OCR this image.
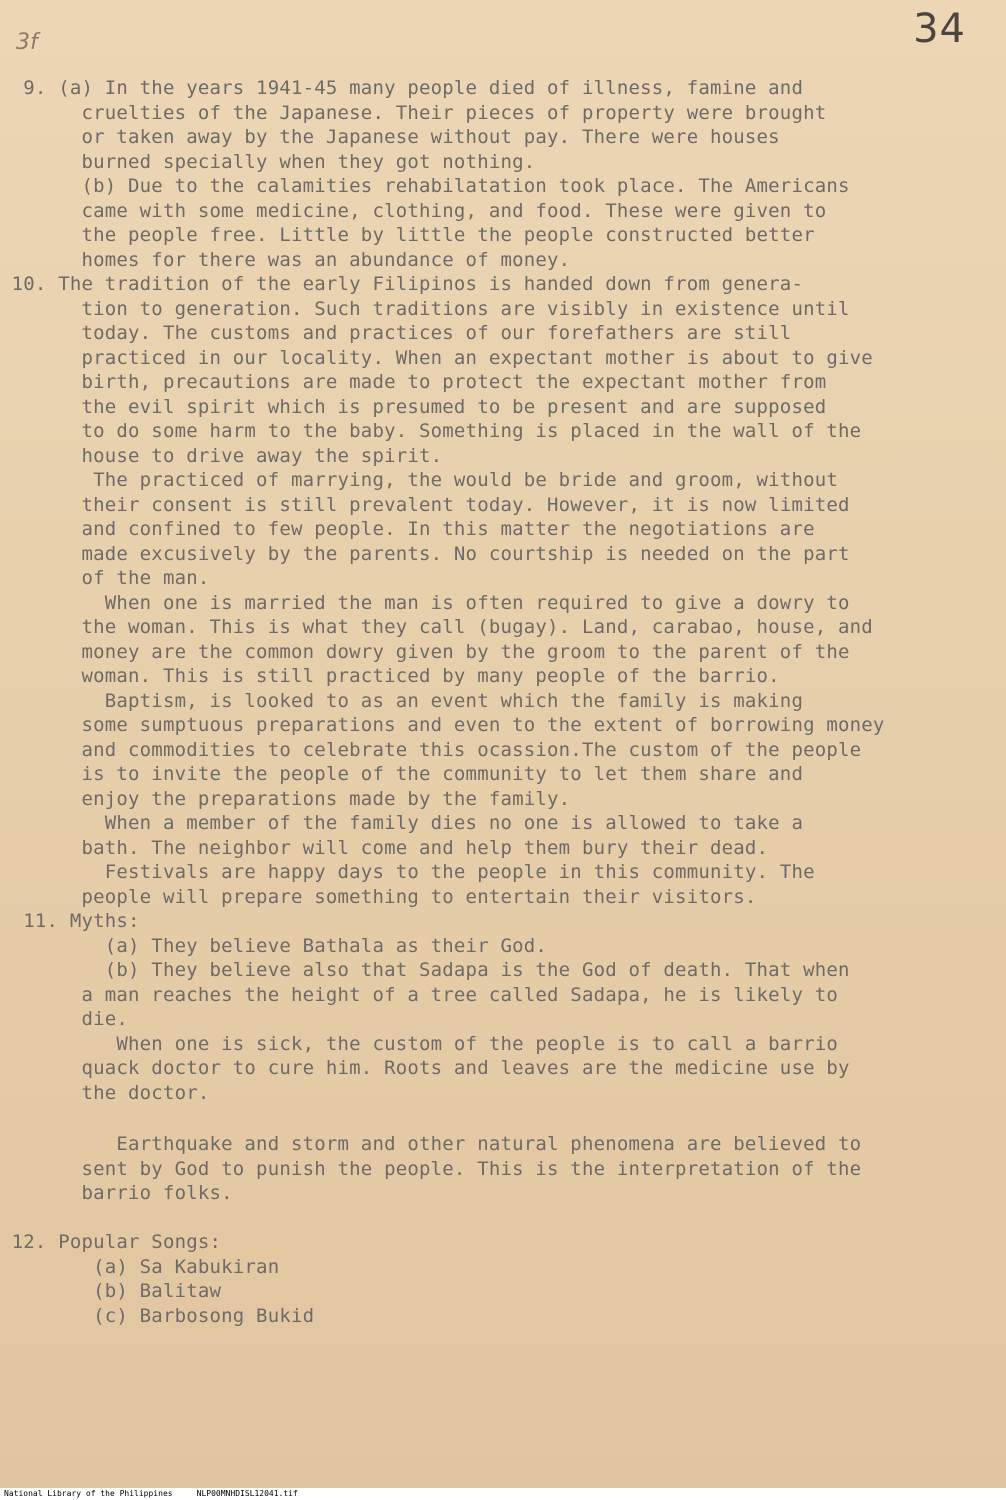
34
3f
9. (a) In the years 1941-45 many people died of illness, famine and
cruelties of the Japanese. Their pieces of property were brought
or taken away by the Japanese without pay. There were houses
burned specially when they got nothing.
(b) Due to the calamities rehabilatation took place. The Americans
came with some medicine, clothing, and food. These were given to
the people free. Little by little the people constructed better
homes for there was an abundance of money.
10. The tradition of the early Filipinos is handed down from genera-
tion to generation. Such traditions are visibly in existence until
today. The customs and practices of our forefathers are still
practiced in our locality. When an expectant mother is about to give
birth, precautions are made to protect the expectant mother from
the evil spirit which is presumed to be present and are supposed
to do some harm to the baby. Something is placed in the wall of the
house to drive away the spirit.
The practiced of marrying, the would be bride and groom, without
their consent is still prevalent today. However, it is now limited
and confined to few people. In this matter the negotiations are
made excusively by the parents. No courtship is needed on the part
of the man.
When one is married the man is often required to give a dowry to
the woman. This is what they call (bugay). Land, carabao, house, and
money are the common dowry given by the groom to the parent of the
woman. This is still practiced by many people of the barrio.
Baptism, is looked to as an event which the family is making
some sumptuous preparations and even to the extent of borrowing money
and commodities to celebrate this ocassion.The custom of the people
is to invite the people of the community to let them share and
enjoy the preparations made by the family.
When a member of the family dies no one is allowed to take a
bath. The neighbor will come and help them bury their dead.
Festivals are happy days to the people in this community. The
people will prepare something to entertain their visitors.
11. Myths:
(a) They believe Bathala as their God.
(b) They believe also that Sadapa is the God of death. That when
a man reaches the height of a tree called Sadapa, he is likely to
die.
When one is sick, the custom of the people is to call a barrio
quack doctor to cure him. Roots and leaves are the medicine use by
the doctor.
Earthquake and storm and other natural phenomena are believed to
sent by God to punish the people. This is the interpretation of the
barrio folks.
12. Popular Songs:
(a) Sa Kabukiran
(b) Balitaw
(c) Barbosong Bukid
National Library of the Philippines     NLP00MNHDISL12041.tif
